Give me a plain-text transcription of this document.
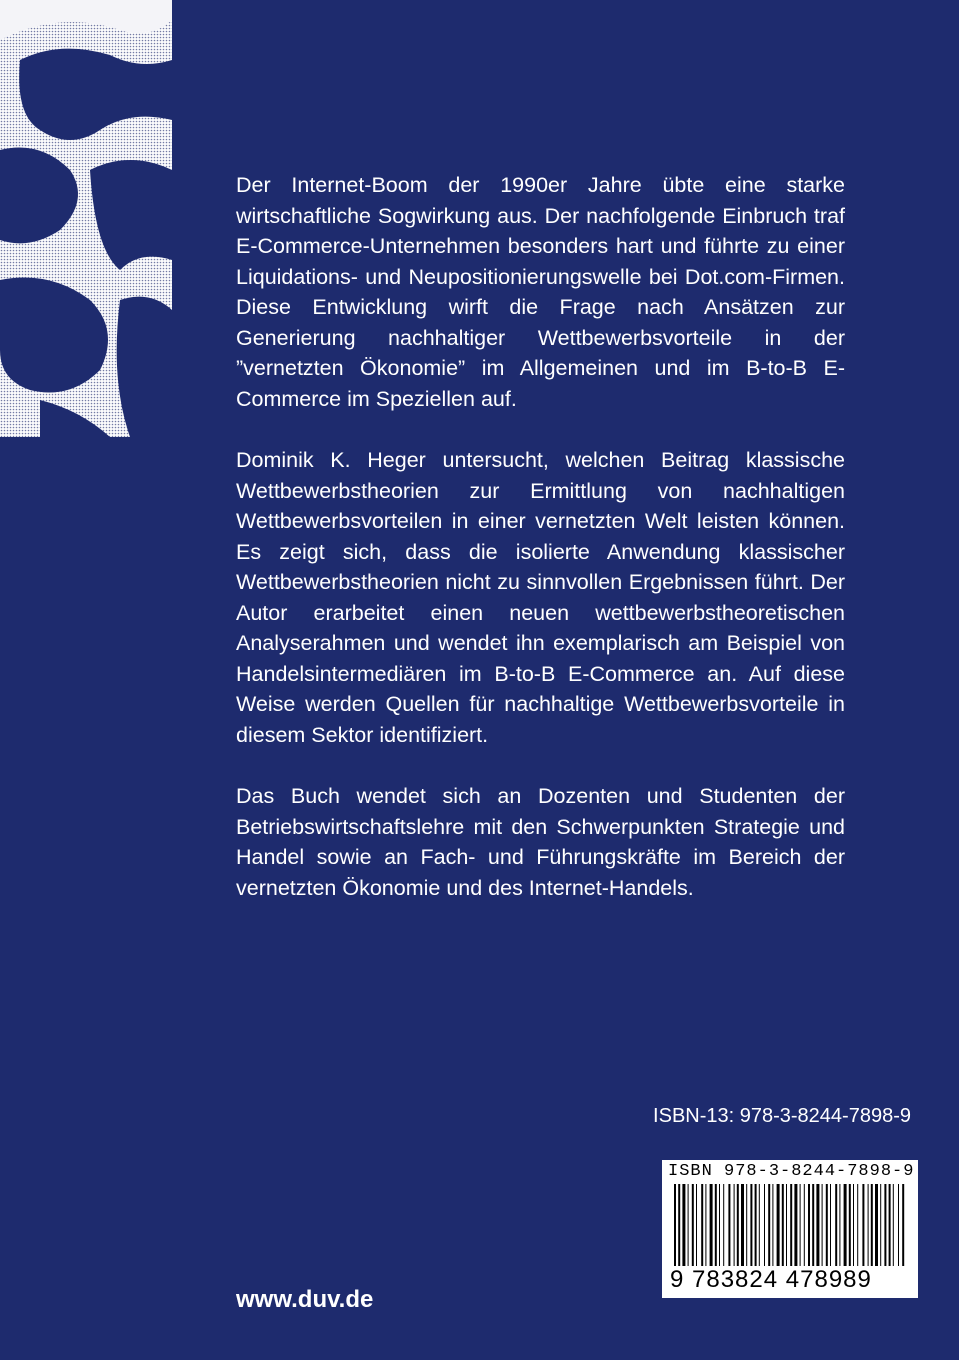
Der Internet-Boom der 1990er Jahre übte eine starke wirtschaftliche Sogwirkung aus. Der nachfolgende Einbruch traf E-Commerce-Unternehmen besonders hart und führte zu einer Liquidations- und Neupositionierungswelle bei Dot.com-Firmen. Diese Entwicklung wirft die Frage nach Ansätzen zur Generierung nachhaltiger Wettbewerbsvorteile in der ”vernetzten Ökonomie” im Allgemeinen und im B-to-B E-Commerce im Speziellen auf.

Dominik K. Heger untersucht, welchen Beitrag klassische Wettbewerbstheorien zur Ermittlung von nachhaltigen Wettbewerbsvorteilen in einer vernetzten Welt leisten können. Es zeigt sich, dass die isolierte Anwendung klassischer Wettbewerbstheorien nicht zu sinnvollen Ergebnissen führt. Der Autor erarbeitet einen neuen wettbewerbstheoretischen Analyserahmen und wendet ihn exemplarisch am Beispiel von Handelsintermediären im B-to-B E-Commerce an. Auf diese Weise werden Quellen für nachhaltige Wettbewerbsvorteile in diesem Sektor identifiziert.

Das Buch wendet sich an Dozenten und Studenten der Betriebswirtschaftslehre mit den Schwerpunkten Strategie und Handel sowie an Fach- und Führungskräfte im Bereich der vernetzten Ökonomie und des Internet-Handels.

ISBN-13: 978-3-8244-7898-9
ISBN 978-3-8244-7898-9
9 783824 478989
www.duv.de
